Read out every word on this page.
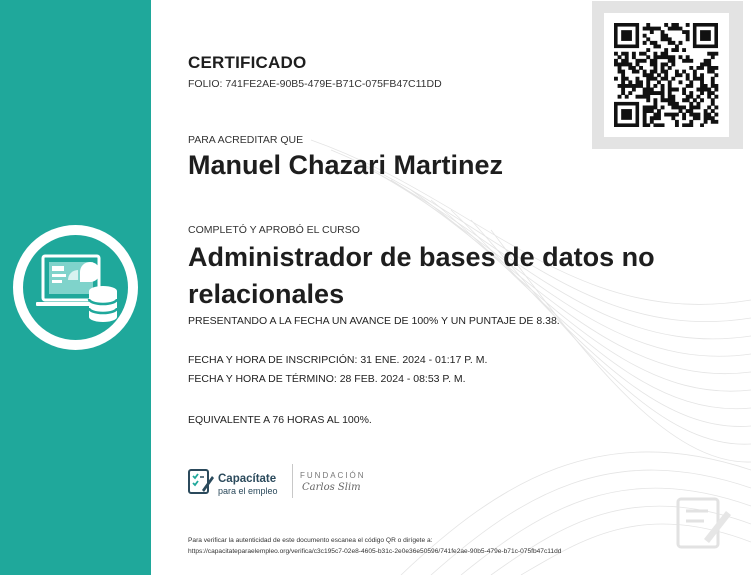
CERTIFICADO
FOLIO: 741FE2AE-90B5-479E-B71C-075FB47C11DD
PARA ACREDITAR QUE
Manuel Chazari Martinez
COMPLETÓ Y APROBÓ EL CURSO
Administrador de bases de datos no relacionales
PRESENTANDO A LA FECHA UN AVANCE DE 100% Y UN PUNTAJE DE 8.38.
FECHA Y HORA DE INSCRIPCIÓN: 31 ENE. 2024 - 01:17 P. M.
FECHA Y HORA DE TÉRMINO: 28 FEB. 2024 - 08:53 P. M.
EQUIVALENTE A 76 HORAS AL 100%.
Capacítate
para el empleo
FUNDACIÓN
Carlos Slim
Para verificar la autenticidad de este documento escanea el código QR o dirígete a:
https://capacitateparaelempleo.org/verifica/c3c195c7-02e8-4605-b31c-2e0e36e50596/741fe2ae-90b5-479e-b71c-075fb47c11dd
